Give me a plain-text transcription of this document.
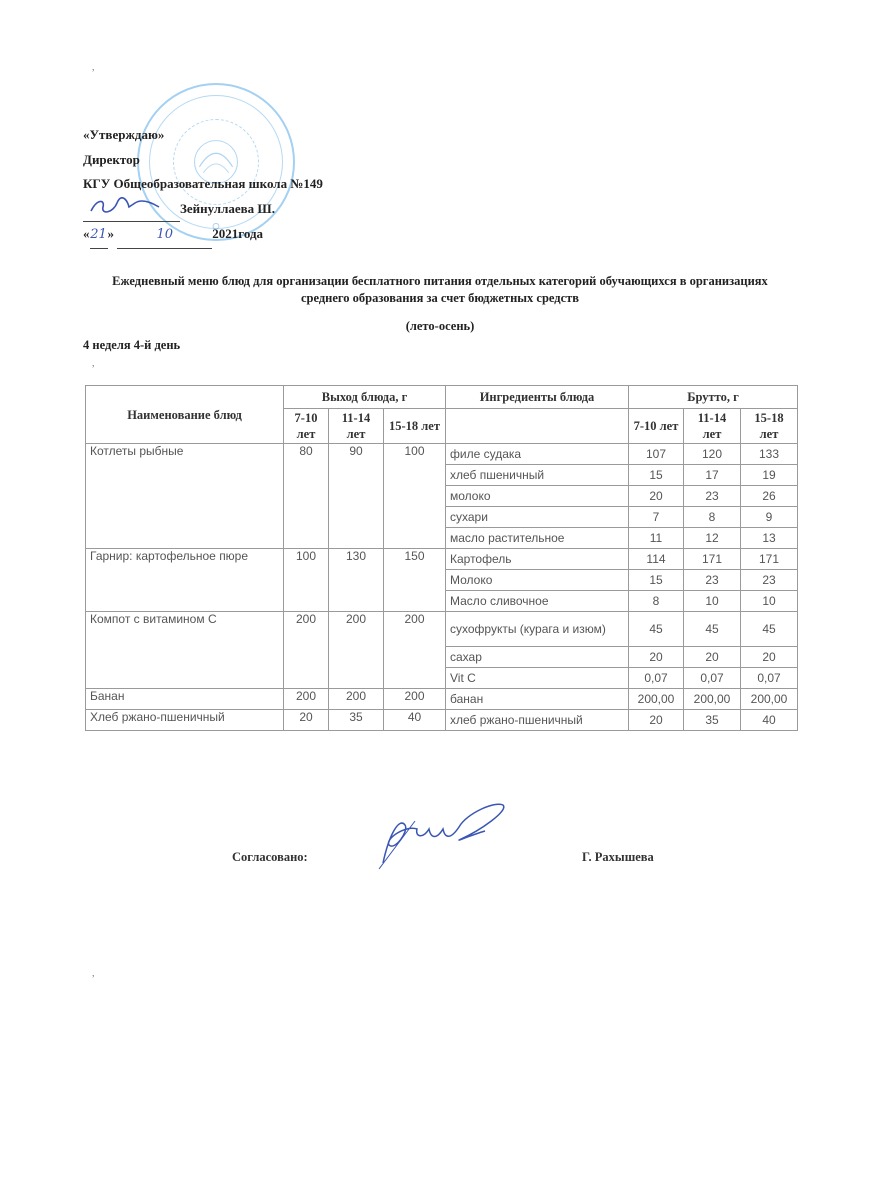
,
«Утверждаю»
Директор
КГУ Общеобразовательная школа №149
Зейнуллаева Ш.
«21»	10	2021года
Ежедневный меню блюд для организации бесплатного питания отдельных категорий обучающихся в организациях среднего образования за счет бюджетных средств
(лето-осень)
4 неделя 4-й день
,
Наименование блюд	Выход блюда, г			Ингредиенты блюда	Брутто, г		
	7-10 лет	11-14 лет	15-18 лет		7-10 лет	11-14 лет	15-18 лет
Котлеты рыбные	80	90	100	филе судака	107	120	133
				хлеб пшеничный	15	17	19
				молоко	20	23	26
				сухари	7	8	9
				масло растительное	11	12	13
Гарнир: картофельное пюре	100	130	150	Картофель	114	171	171
				Молоко	15	23	23
				Масло сливочное	8	10	10
Компот с витамином С	200	200	200	сухофрукты (курага и изюм)	45	45	45
				сахар	20	20	20
				Vit C	0,07	0,07	0,07
Банан	200	200	200	банан	200,00	200,00	200,00
Хлеб ржано-пшеничный	20	35	40	хлеб ржано-пшеничный	20	35	40
Согласовано:	Г. Рахышева
,
